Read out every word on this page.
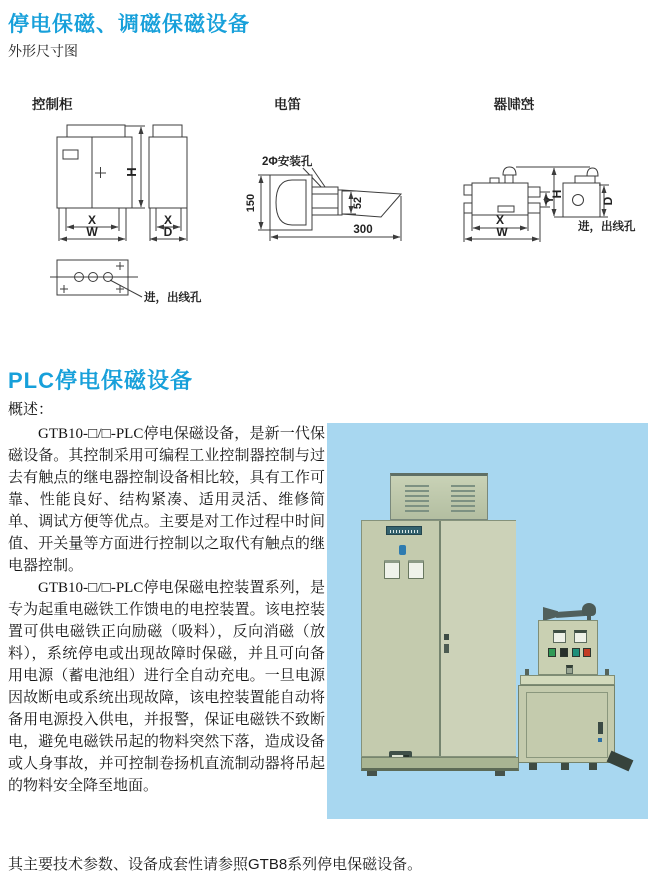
停电保磁、调磁保磁设备
外形尺寸图
控制柜
H
X
W
X
D
进，出线孔
电笛
2Φ安装孔
52
150
300
控制器
Y
X
W
H
D
进，出线孔
PLC停电保磁设备
概述：

GTB10-□/□-PLC停电保磁设备，是新一代保磁设备。其控制采用可编程工业控制器控制与过去有触点的继电器控制设备相比较，具有工作可靠、性能良好、结构紧凑、适用灵活、维修简单、调试方便等优点。主要是对工作过程中时间值、开关量等方面进行控制以之取代有触点的继电器控制。

GTB10-□/□-PLC停电保磁电控装置系列，是专为起重电磁铁工作馈电的电控装置。该电控装置可供电磁铁正向励磁（吸料），反向消磁（放料），系统停电或出现故障时保磁，并且可向备用电源（蓄电池组）进行全自动充电。一旦电源因故断电或系统出现故障，该电控装置能自动将备用电源投入供电，并报警，保证电磁铁不致断电，避免电磁铁吊起的物料突然下落，造成设备或人身事故，并可控制卷扬机直流制动器将吊起的物料安全降至地面。

其主要技术参数、设备成套性请参照GTB8系列停电保磁设备。
